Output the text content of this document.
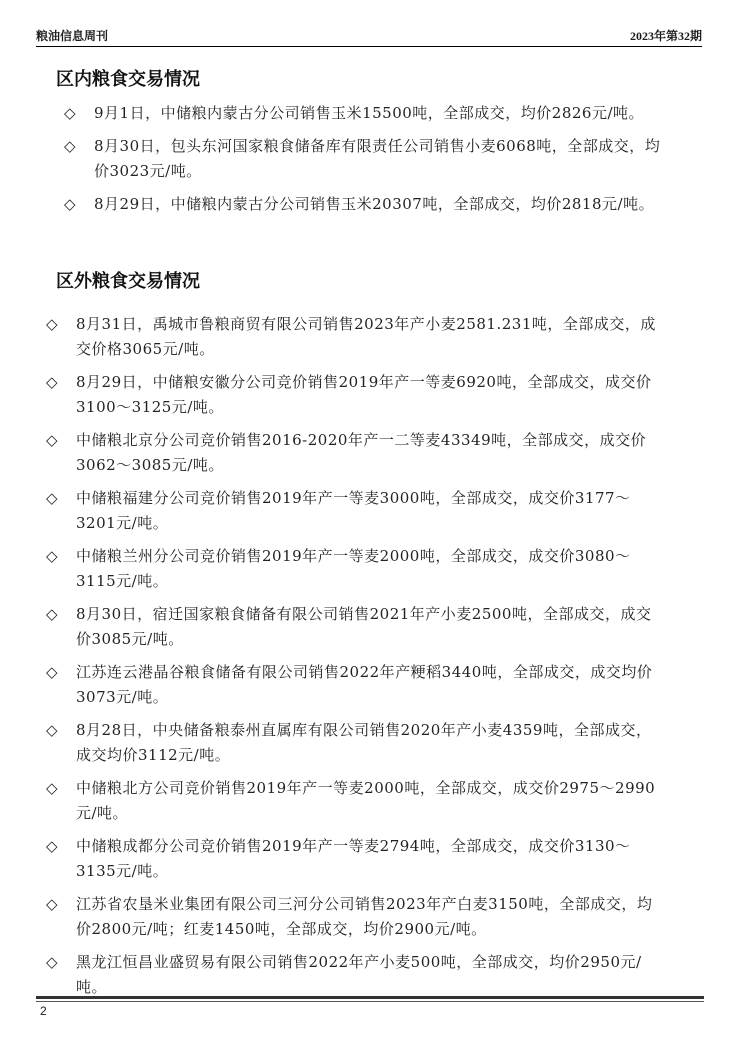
粮油信息周刊	2023年第32期
区内粮食交易情况
◇ 9月1日，中储粮内蒙古分公司销售玉米15500吨，全部成交，均价2826元/吨。
◇ 8月30日，包头东河国家粮食储备库有限责任公司销售小麦6068吨，全部成交，均价3023元/吨。
◇ 8月29日，中储粮内蒙古分公司销售玉米20307吨，全部成交，均价2818元/吨。
区外粮食交易情况
◇ 8月31日，禹城市鲁粮商贸有限公司销售2023年产小麦2581.231吨，全部成交，成交价格3065元/吨。
◇ 8月29日，中储粮安徽分公司竞价销售2019年产一等麦6920吨，全部成交，成交价3100～3125元/吨。
◇ 中储粮北京分公司竞价销售2016-2020年产一二等麦43349吨，全部成交，成交价3062～3085元/吨。
◇ 中储粮福建分公司竞价销售2019年产一等麦3000吨，全部成交，成交价3177～3201元/吨。
◇ 中储粮兰州分公司竞价销售2019年产一等麦2000吨，全部成交，成交价3080～3115元/吨。
◇ 8月30日，宿迁国家粮食储备有限公司销售2021年产小麦2500吨，全部成交，成交价3085元/吨。
◇ 江苏连云港晶谷粮食储备有限公司销售2022年产粳稻3440吨，全部成交，成交均价3073元/吨。
◇ 8月28日，中央储备粮泰州直属库有限公司销售2020年产小麦4359吨，全部成交，成交均价3112元/吨。
◇ 中储粮北方公司竞价销售2019年产一等麦2000吨，全部成交，成交价2975～2990元/吨。
◇ 中储粮成都分公司竞价销售2019年产一等麦2794吨，全部成交，成交价3130～3135元/吨。
◇ 江苏省农垦米业集团有限公司三河分公司销售2023年产白麦3150吨，全部成交，均价2800元/吨；红麦1450吨，全部成交，均价2900元/吨。
◇ 黑龙江恒昌业盛贸易有限公司销售2022年产小麦500吨，全部成交，均价2950元/吨。
2
